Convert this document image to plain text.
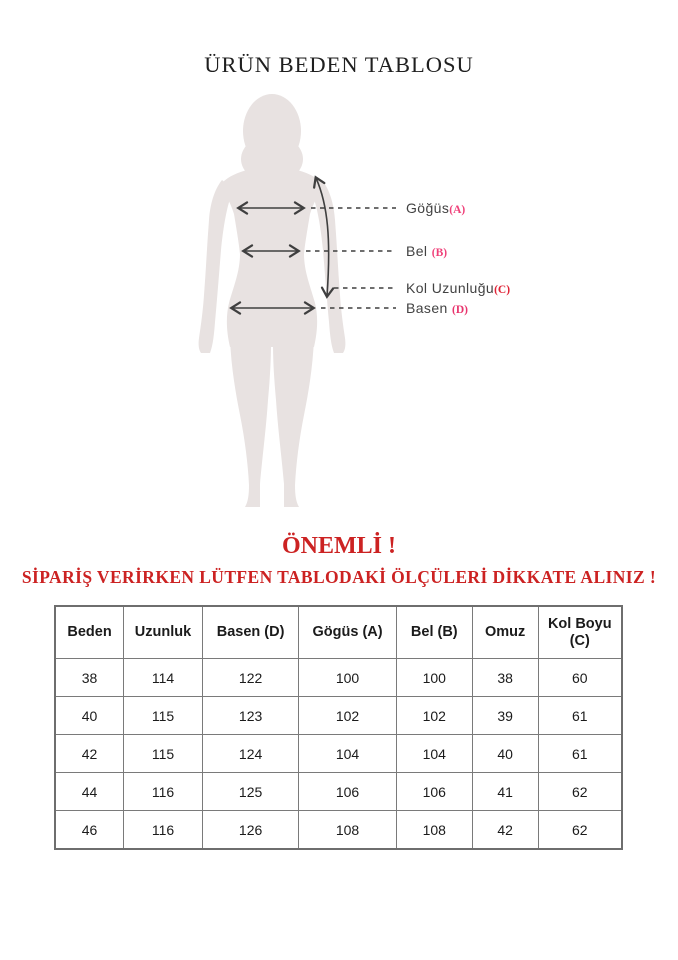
ÜRÜN BEDEN TABLOSU
Göğüs(A)
Bel (B)
Kol Uzunluğu(C)
Basen (D)
ÖNEMLİ !
SİPARİŞ VERİRKEN LÜTFEN TABLODAKİ ÖLÇÜLERİ DİKKATE ALINIZ !
Beden	Uzunluk	Basen (D)	Gögüs (A)	Bel (B)	Omuz	Kol Boyu (C)
38	114	122	100	100	38	60
40	115	123	102	102	39	61
42	115	124	104	104	40	61
44	116	125	106	106	41	62
46	116	126	108	108	42	62
